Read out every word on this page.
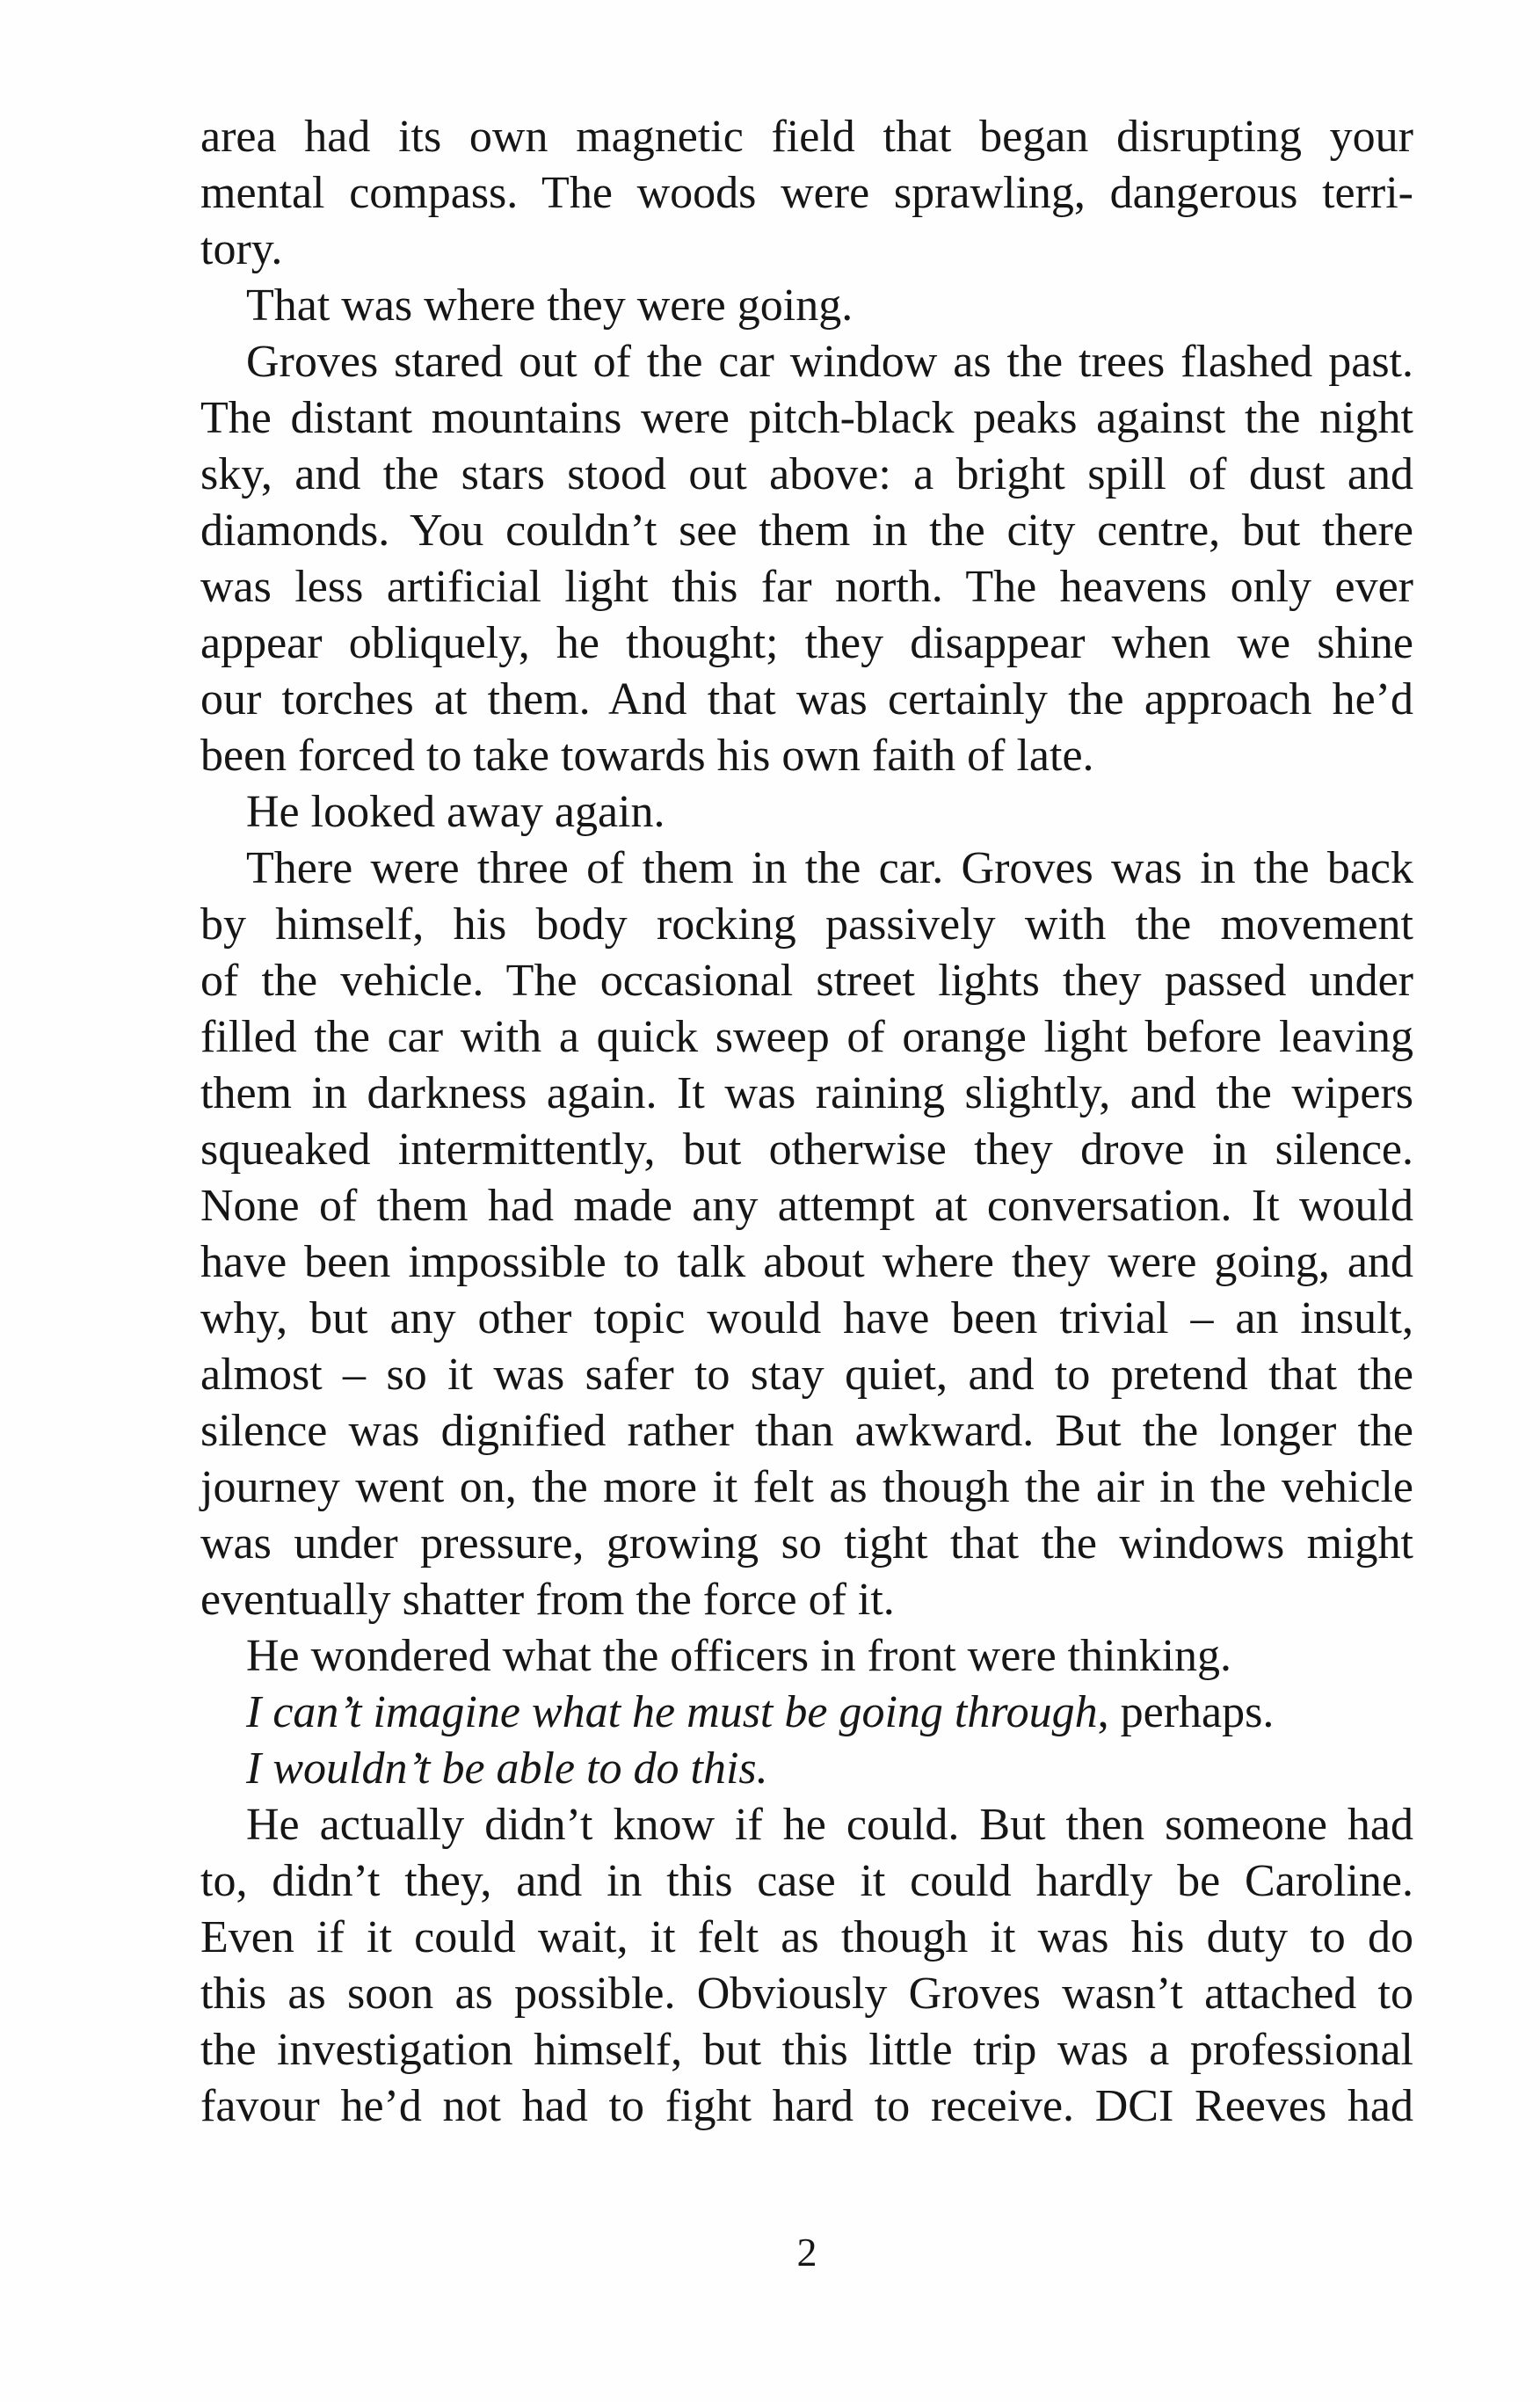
area had its own magnetic field that began disrupting your
mental compass. The woods were sprawling, dangerous terri-
tory.
That was where they were going.
Groves stared out of the car window as the trees flashed past.
The distant mountains were pitch-black peaks against the night
sky, and the stars stood out above: a bright spill of dust and
diamonds. You couldn’t see them in the city centre, but there
was less artificial light this far north. The heavens only ever
appear obliquely, he thought; they disappear when we shine
our torches at them. And that was certainly the approach he’d
been forced to take towards his own faith of late.
He looked away again.
There were three of them in the car. Groves was in the back
by himself, his body rocking passively with the movement
of the vehicle. The occasional street lights they passed under
filled the car with a quick sweep of orange light before leaving
them in darkness again. It was raining slightly, and the wipers
squeaked intermittently, but otherwise they drove in silence.
None of them had made any attempt at conversation. It would
have been impossible to talk about where they were going, and
why, but any other topic would have been trivial – an insult,
almost – so it was safer to stay quiet, and to pretend that the
silence was dignified rather than awkward. But the longer the
journey went on, the more it felt as though the air in the vehicle
was under pressure, growing so tight that the windows might
eventually shatter from the force of it.
He wondered what the officers in front were thinking.
I can’t imagine what he must be going through, perhaps.
I wouldn’t be able to do this.
He actually didn’t know if he could. But then someone had
to, didn’t they, and in this case it could hardly be Caroline.
Even if it could wait, it felt as though it was his duty to do
this as soon as possible. Obviously Groves wasn’t attached to
the investigation himself, but this little trip was a professional
favour he’d not had to fight hard to receive. DCI Reeves had
2
